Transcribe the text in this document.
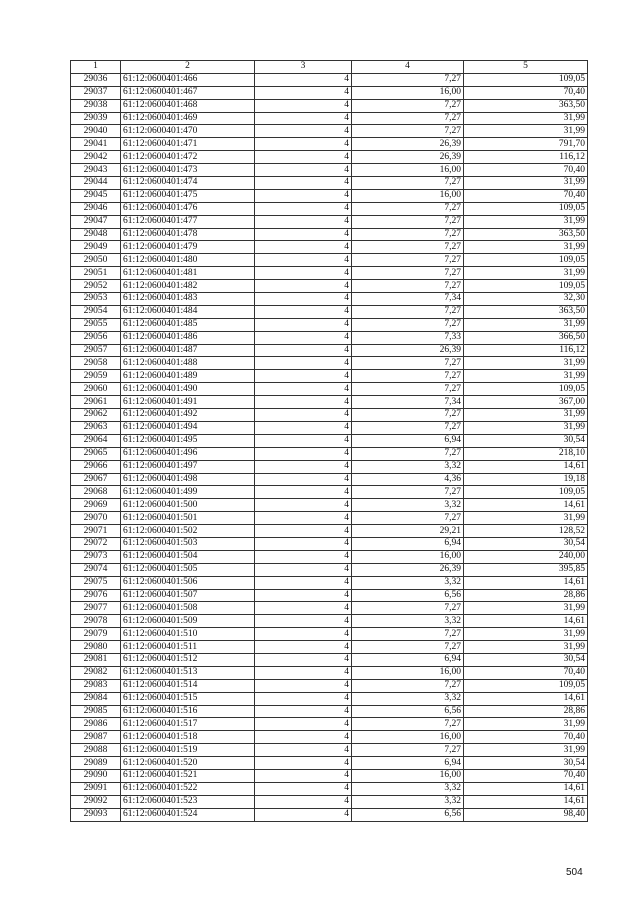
1	2	3	4	5
29036	61:12:0600401:466	4	7,27	109,05
29037	61:12:0600401:467	4	16,00	70,40
29038	61:12:0600401:468	4	7,27	363,50
29039	61:12:0600401:469	4	7,27	31,99
29040	61:12:0600401:470	4	7,27	31,99
29041	61:12:0600401:471	4	26,39	791,70
29042	61:12:0600401:472	4	26,39	116,12
29043	61:12:0600401:473	4	16,00	70,40
29044	61:12:0600401:474	4	7,27	31,99
29045	61:12:0600401:475	4	16,00	70,40
29046	61:12:0600401:476	4	7,27	109,05
29047	61:12:0600401:477	4	7,27	31,99
29048	61:12:0600401:478	4	7,27	363,50
29049	61:12:0600401:479	4	7,27	31,99
29050	61:12:0600401:480	4	7,27	109,05
29051	61:12:0600401:481	4	7,27	31,99
29052	61:12:0600401:482	4	7,27	109,05
29053	61:12:0600401:483	4	7,34	32,30
29054	61:12:0600401:484	4	7,27	363,50
29055	61:12:0600401:485	4	7,27	31,99
29056	61:12:0600401:486	4	7,33	366,50
29057	61:12:0600401:487	4	26,39	116,12
29058	61:12:0600401:488	4	7,27	31,99
29059	61:12:0600401:489	4	7,27	31,99
29060	61:12:0600401:490	4	7,27	109,05
29061	61:12:0600401:491	4	7,34	367,00
29062	61:12:0600401:492	4	7,27	31,99
29063	61:12:0600401:494	4	7,27	31,99
29064	61:12:0600401:495	4	6,94	30,54
29065	61:12:0600401:496	4	7,27	218,10
29066	61:12:0600401:497	4	3,32	14,61
29067	61:12:0600401:498	4	4,36	19,18
29068	61:12:0600401:499	4	7,27	109,05
29069	61:12:0600401:500	4	3,32	14,61
29070	61:12:0600401:501	4	7,27	31,99
29071	61:12:0600401:502	4	29,21	128,52
29072	61:12:0600401:503	4	6,94	30,54
29073	61:12:0600401:504	4	16,00	240,00
29074	61:12:0600401:505	4	26,39	395,85
29075	61:12:0600401:506	4	3,32	14,61
29076	61:12:0600401:507	4	6,56	28,86
29077	61:12:0600401:508	4	7,27	31,99
29078	61:12:0600401:509	4	3,32	14,61
29079	61:12:0600401:510	4	7,27	31,99
29080	61:12:0600401:511	4	7,27	31,99
29081	61:12:0600401:512	4	6,94	30,54
29082	61:12:0600401:513	4	16,00	70,40
29083	61:12:0600401:514	4	7,27	109,05
29084	61:12:0600401:515	4	3,32	14,61
29085	61:12:0600401:516	4	6,56	28,86
29086	61:12:0600401:517	4	7,27	31,99
29087	61:12:0600401:518	4	16,00	70,40
29088	61:12:0600401:519	4	7,27	31,99
29089	61:12:0600401:520	4	6,94	30,54
29090	61:12:0600401:521	4	16,00	70,40
29091	61:12:0600401:522	4	3,32	14,61
29092	61:12:0600401:523	4	3,32	14,61
29093	61:12:0600401:524	4	6,56	98,40
504
